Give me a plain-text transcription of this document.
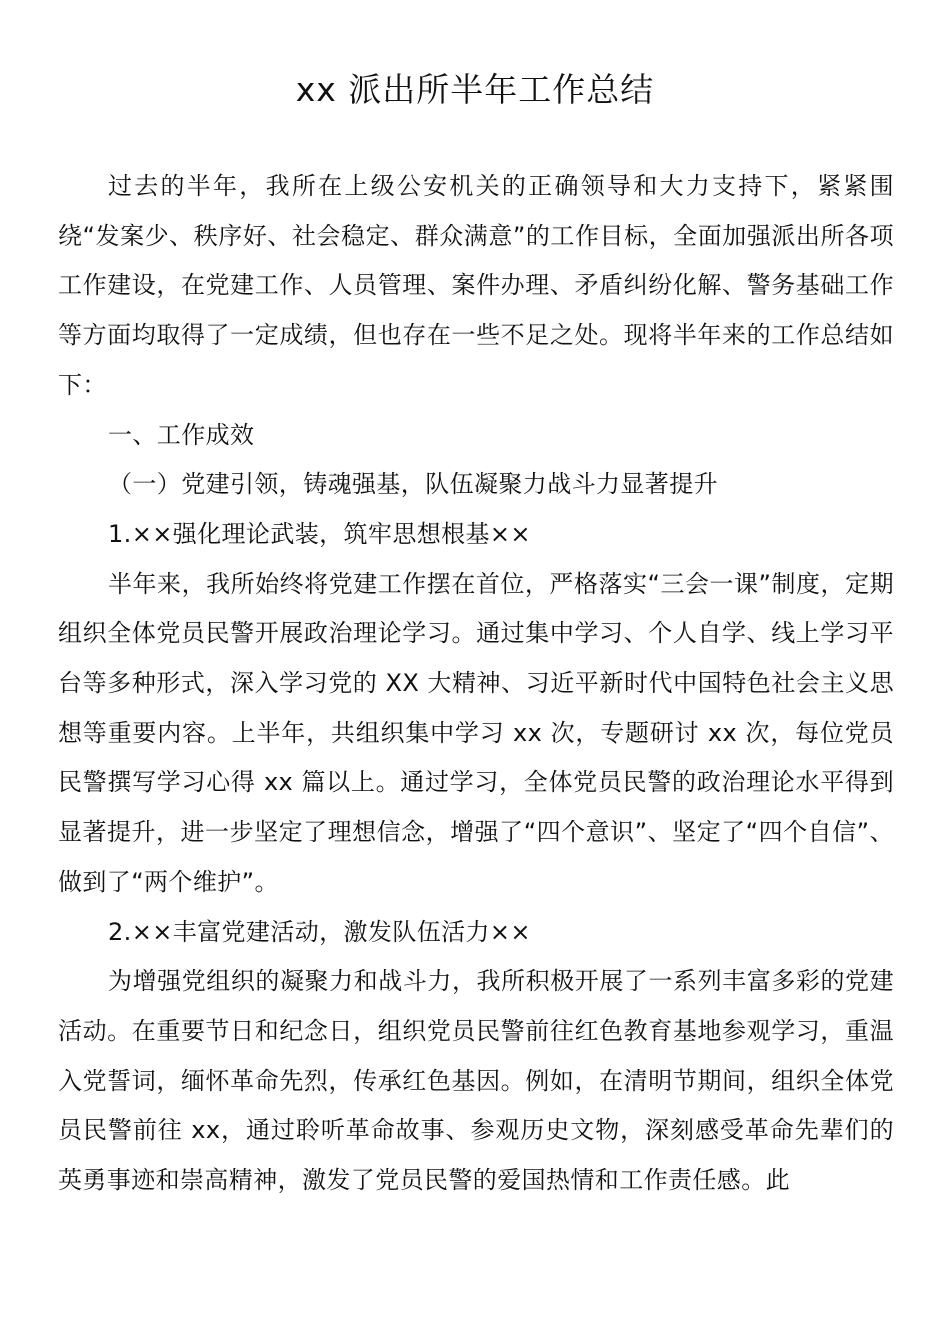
xx 派出所半年工作总结

过去的半年，我所在上级公安机关的正确领导和大力支持下，紧紧围绕“发案少、秩序好、社会稳定、群众满意”的工作目标，全面加强派出所各项工作建设，在党建工作、人员管理、案件办理、矛盾纠纷化解、警务基础工作等方面均取得了一定成绩，但也存在一些不足之处。现将半年来的工作总结如下：

一、工作成效

（一）党建引领，铸魂强基，队伍凝聚力战斗力显著提升

1.××强化理论武装，筑牢思想根基××

半年来，我所始终将党建工作摆在首位，严格落实“三会一课”制度，定期组织全体党员民警开展政治理论学习。通过集中学习、个人自学、线上学习平台等多种形式，深入学习党的 XX 大精神、习近平新时代中国特色社会主义思想等重要内容。上半年，共组织集中学习 xx 次，专题研讨 xx 次，每位党员民警撰写学习心得 xx 篇以上。通过学习，全体党员民警的政治理论水平得到显著提升，进一步坚定了理想信念，增强了“四个意识”、坚定了“四个自信”、做到了“两个维护”。

2.××丰富党建活动，激发队伍活力××

为增强党组织的凝聚力和战斗力，我所积极开展了一系列丰富多彩的党建活动。在重要节日和纪念日，组织党员民警前往红色教育基地参观学习，重温入党誓词，缅怀革命先烈，传承红色基因。例如，在清明节期间，组织全体党员民警前往 xx，通过聆听革命故事、参观历史文物，深刻感受革命先辈们的英勇事迹和崇高精神，激发了党员民警的爱国热情和工作责任感。此
